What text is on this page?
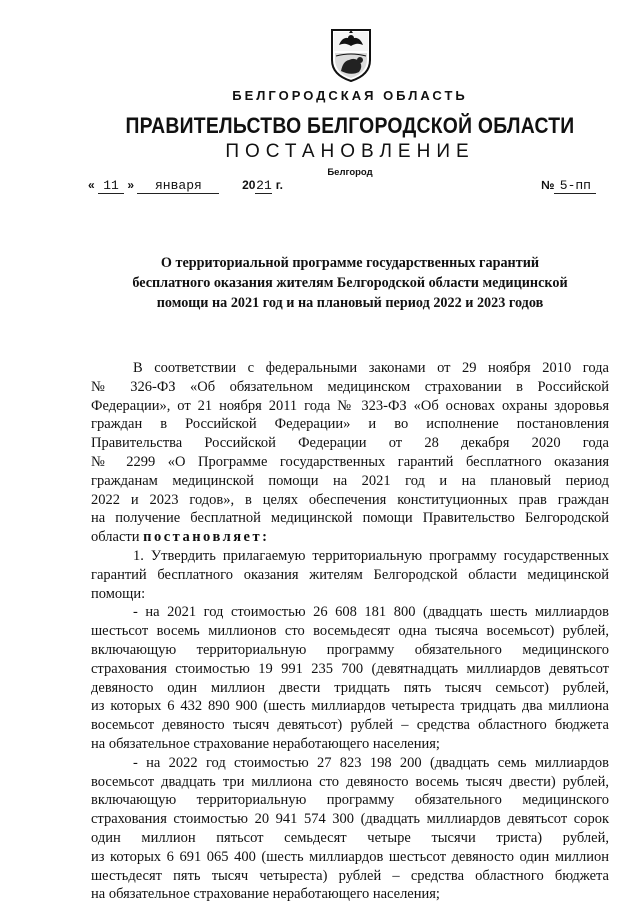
БЕЛГОРОДСКАЯ ОБЛАСТЬ
ПРАВИТЕЛЬСТВО БЕЛГОРОДСКОЙ ОБЛАСТИ
ПОСТАНОВЛЕНИЕ
Белгород
« 11 » января	2021 г.	№ 5-пп
О территориальной программе государственных гарантий
бесплатного оказания жителям Белгородской области медицинской
помощи на 2021 год и на плановый период 2022 и 2023 годов
В соответствии с федеральными законами от 29 ноября 2010 года
№ 326-ФЗ «Об обязательном медицинском страховании в Российской
Федерации», от 21 ноября 2011 года № 323-ФЗ «Об основах охраны здоровья
граждан в Российской Федерации» и во исполнение постановления
Правительства Российской Федерации от 28 декабря 2020 года
№ 2299 «О Программе государственных гарантий бесплатного оказания
гражданам медицинской помощи на 2021 год и на плановый период
2022 и 2023 годов», в целях обеспечения конституционных прав граждан
на получение бесплатной медицинской помощи Правительство Белгородской
области постановляет:
1. Утвердить прилагаемую территориальную программу государственных
гарантий бесплатного оказания жителям Белгородской области медицинской
помощи:
- на 2021 год стоимостью 26 608 181 800 (двадцать шесть миллиардов
шестьсот восемь миллионов сто восемьдесят одна тысяча восемьсот) рублей,
включающую территориальную программу обязательного медицинского
страхования стоимостью 19 991 235 700 (девятнадцать миллиардов девятьсот
девяносто один миллион двести тридцать пять тысяч семьсот) рублей,
из которых 6 432 890 900 (шесть миллиардов четыреста тридцать два миллиона
восемьсот девяносто тысяч девятьсот) рублей – средства областного бюджета
на обязательное страхование неработающего населения;
- на 2022 год стоимостью 27 823 198 200 (двадцать семь миллиардов
восемьсот двадцать три миллиона сто девяносто восемь тысяч двести) рублей,
включающую территориальную программу обязательного медицинского
страхования стоимостью 20 941 574 300 (двадцать миллиардов девятьсот сорок
один миллион пятьсот семьдесят четыре тысячи триста) рублей,
из которых 6 691 065 400 (шесть миллиардов шестьсот девяносто один миллион
шестьдесят пять тысяч четыреста) рублей – средства областного бюджета
на обязательное страхование неработающего населения;
